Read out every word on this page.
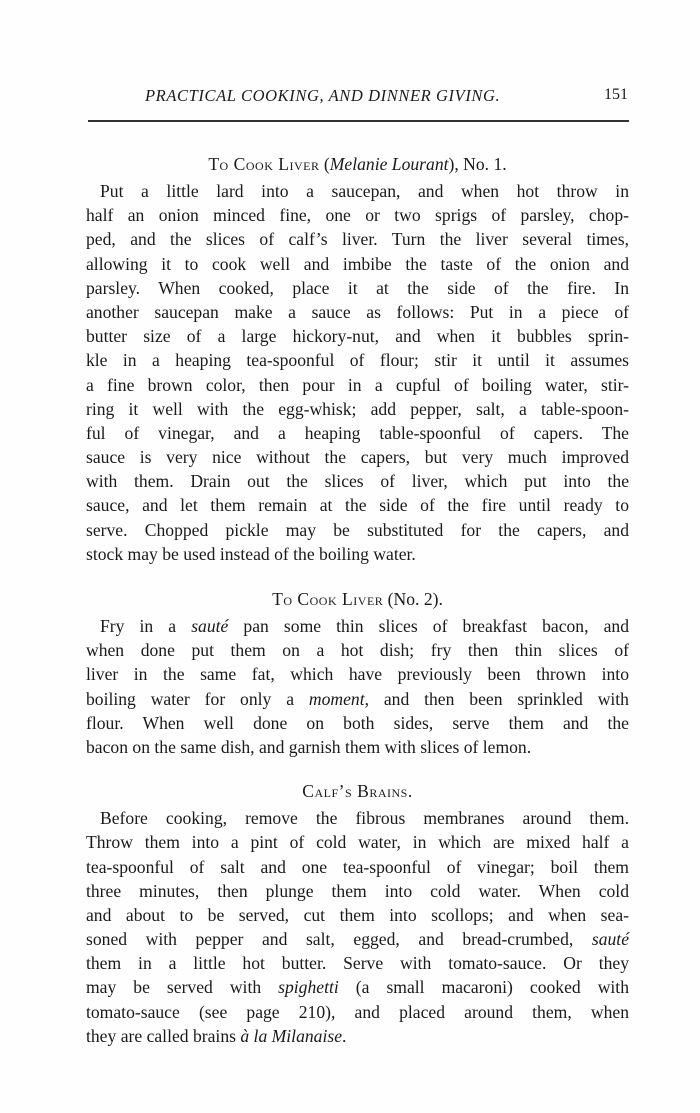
PRACTICAL COOKING, AND DINNER GIVING.	151
To Cook Liver (Melanie Lourant), No. 1.
Put a little lard into a saucepan, and when hot throw in
half an onion minced fine, one or two sprigs of parsley, chop-
ped, and the slices of calf’s liver. Turn the liver several times,
allowing it to cook well and imbibe the taste of the onion and
parsley. When cooked, place it at the side of the fire. In
another saucepan make a sauce as follows: Put in a piece of
butter size of a large hickory-nut, and when it bubbles sprin-
kle in a heaping tea-spoonful of flour; stir it until it assumes
a fine brown color, then pour in a cupful of boiling water, stir-
ring it well with the egg-whisk; add pepper, salt, a table-spoon-
ful of vinegar, and a heaping table-spoonful of capers. The
sauce is very nice without the capers, but very much improved
with them. Drain out the slices of liver, which put into the
sauce, and let them remain at the side of the fire until ready to
serve. Chopped pickle may be substituted for the capers, and
stock may be used instead of the boiling water.
To Cook Liver (No. 2).
Fry in a sauté pan some thin slices of breakfast bacon, and
when done put them on a hot dish; fry then thin slices of
liver in the same fat, which have previously been thrown into
boiling water for only a moment, and then been sprinkled with
flour. When well done on both sides, serve them and the
bacon on the same dish, and garnish them with slices of lemon.
Calf’s Brains.
Before cooking, remove the fibrous membranes around them.
Throw them into a pint of cold water, in which are mixed half a
tea-spoonful of salt and one tea-spoonful of vinegar; boil them
three minutes, then plunge them into cold water. When cold
and about to be served, cut them into scollops; and when sea-
soned with pepper and salt, egged, and bread-crumbed, sauté
them in a little hot butter. Serve with tomato-sauce. Or they
may be served with spighetti (a small macaroni) cooked with
tomato-sauce (see page 210), and placed around them, when
they are called brains à la Milanaise.
